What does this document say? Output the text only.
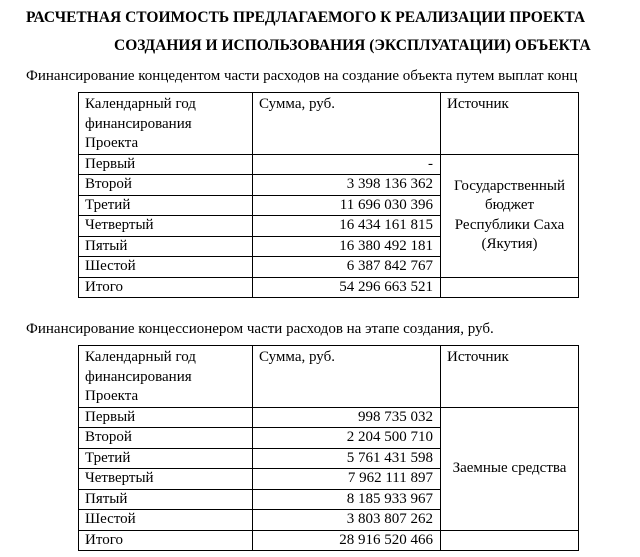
РАСЧЕТНАЯ СТОИМОСТЬ ПРЕДЛАГАЕМОГО К РЕАЛИЗАЦИИ ПРОЕКТА
СОЗДАНИЯ И ИСПОЛЬЗОВАНИЯ (ЭКСПЛУАТАЦИИ) ОБЪЕКТА
Финансирование концедентом части расходов на создание объекта путем выплат конц
Календарный год финансирования Проекта	Сумма, руб.	Источник
Первый	-	Государственный бюджет Республики Саха (Якутия)
Второй	3 398 136 362	
Третий	11 696 030 396	
Четвертый	16 434 161 815	
Пятый	16 380 492 181	
Шестой	6 387 842 767	
Итого	54 296 663 521	
Финансирование концессионером части расходов на этапе создания, руб.
Календарный год финансирования Проекта	Сумма, руб.	Источник
Первый	998 735 032	Заемные средства
Второй	2 204 500 710	
Третий	5 761 431 598	
Четвертый	7 962 111 897	
Пятый	8 185 933 967	
Шестой	3 803 807 262	
Итого	28 916 520 466	
